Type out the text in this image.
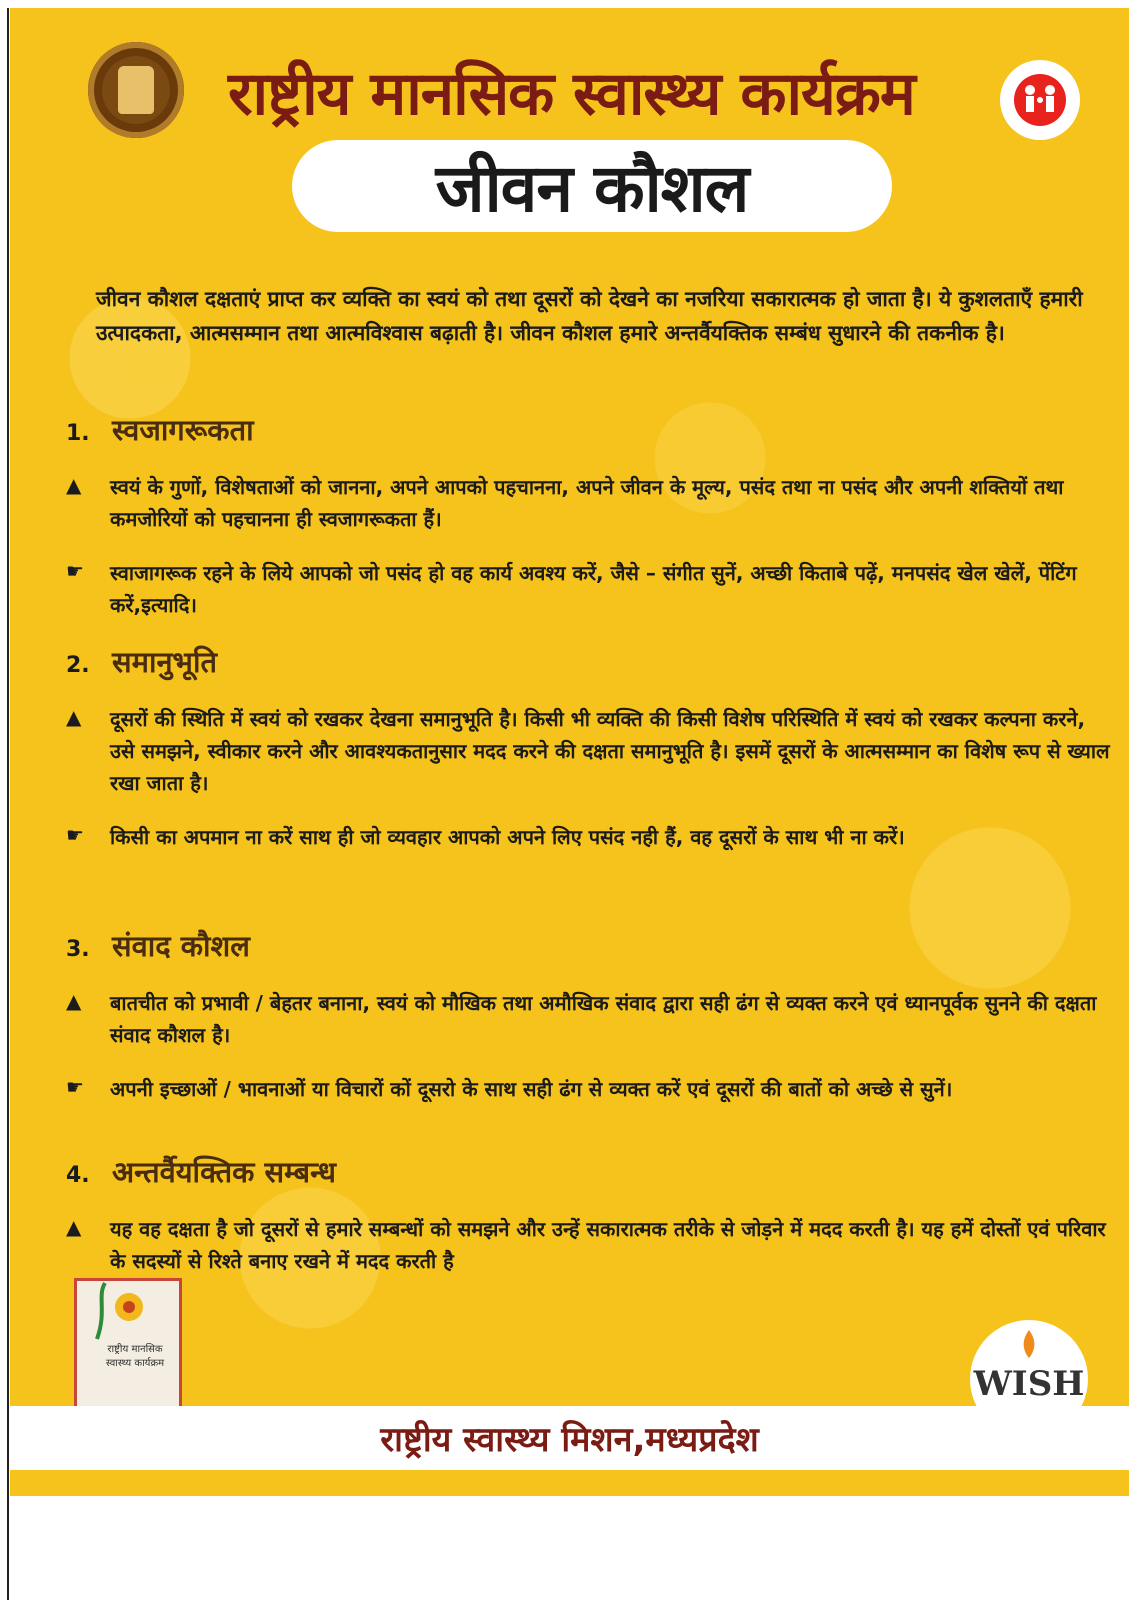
राष्ट्रीय मानसिक स्वास्थ्य कार्यक्रम
जीवन कौशल
जीवन कौशल दक्षताएं प्राप्त कर व्यक्ति का स्वयं को तथा दूसरों को देखने का नजरिया सकारात्मक हो जाता है। ये कुशलताएँ हमारी उत्पादकता, आत्मसम्मान तथा आत्मविश्वास बढ़ाती है। जीवन कौशल हमारे अन्तर्वैयक्तिक सम्बंध सुधारने की तकनीक है।
1. स्वजागरूकता
▲	स्वयं के गुणों, विशेषताओं को जानना, अपने आपको पहचानना, अपने जीवन के मूल्य, पसंद तथा ना पसंद और अपनी शक्तियों तथा कमजोरियों को पहचानना ही स्वजागरूकता हैं।
☛	स्वाजागरूक रहने के लिये आपको जो पसंद हो वह कार्य अवश्य करें, जैसे – संगीत सुनें, अच्छी किताबे पढ़ें, मनपसंद खेल खेलें, पेंटिंग करें,इत्यादि।
2. समानुभूति
▲	दूसरों की स्थिति में स्वयं को रखकर देखना समानुभूति है। किसी भी व्यक्ति की किसी विशेष परिस्थिति में स्वयं को रखकर कल्पना करने, उसे समझने, स्वीकार करने और आवश्यकतानुसार मदद करने की दक्षता समानुभूति है। इसमें दूसरों के आत्मसम्मान का विशेष रूप से ख्याल रखा जाता है।
☛	किसी का अपमान ना करें साथ ही जो व्यवहार आपको अपने लिए पसंद नही हैं, वह दूसरों के साथ भी ना करें।
3. संवाद कौशल
▲	बातचीत को प्रभावी / बेहतर बनाना, स्वयं को मौखिक तथा अमौखिक संवाद द्वारा सही ढंग से व्यक्त करने एवं ध्यानपूर्वक सुनने की दक्षता संवाद कौशल है।
☛	अपनी इच्छाओं / भावनाओं या विचारों कों दूसरो के साथ सही ढंग से व्यक्त करें एवं दूसरों की बातों को अच्छे से सुनें।
4. अन्तर्वैयक्तिक सम्बन्ध
▲	यह वह दक्षता है जो दूसरों से हमारे सम्बन्धों को समझने और उन्हें सकारात्मक तरीके से जोड़ने में मदद करती है। यह हमें दोस्तों एवं परिवार के सदस्यों से रिश्ते बनाए रखने में मदद करती है
राष्ट्रीय मानसिक स्वास्थ्य कार्यक्रम
WISH
राष्ट्रीय स्वास्थ्य मिशन,मध्यप्रदेश
